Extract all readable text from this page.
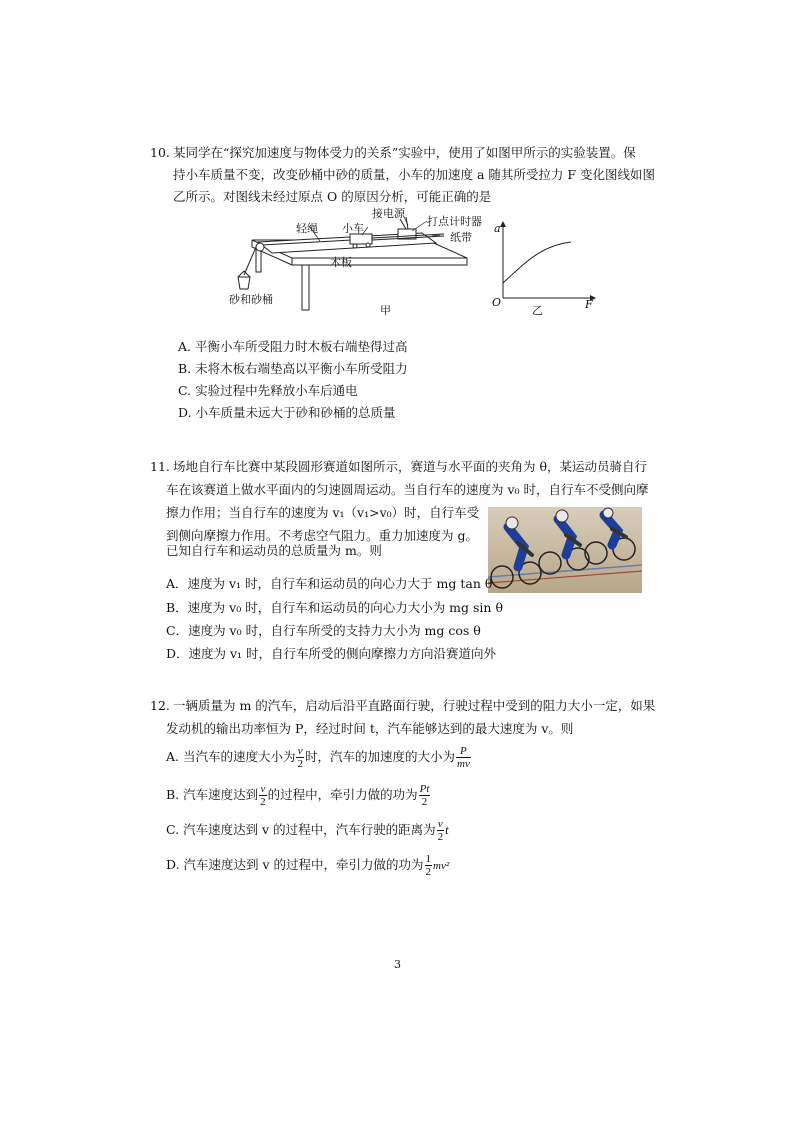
10. 某同学在“探究加速度与物体受力的关系”实验中，使用了如图甲所示的实验装置。保
持小车质量不变，改变砂桶中砂的质量，小车的加速度 a 随其所受拉力 F 变化图线如图
乙所示。对图线未经过原点 O 的原因分析，可能正确的是
接电源
打点计时器
轻绳 小车
纸带
木板
砂和砂桶
甲
a
O
乙	F
A. 平衡小车所受阻力时木板右端垫得过高
B. 未将木板右端垫高以平衡小车所受阻力
C. 实验过程中先释放小车后通电
D. 小车质量未远大于砂和砂桶的总质量
11. 场地自行车比赛中某段圆形赛道如图所示，赛道与水平面的夹角为 θ，某运动员骑自行
车在该赛道上做水平面内的匀速圆周运动。当自行车的速度为 v₀ 时，自行车不受侧向摩
擦力作用；当自行车的速度为 v₁（v₁>v₀）时，自行车受
到侧向摩擦力作用。不考虑空气阻力。重力加速度为 g。
已知自行车和运动员的总质量为 m。则
A．速度为 v₁ 时，自行车和运动员的向心力大于 mg tan θ
B．速度为 v₀ 时，自行车和运动员的向心力大小为 mg sin θ
C．速度为 v₀ 时，自行车所受的支持力大小为 mg cos θ
D．速度为 v₁ 时，自行车所受的侧向摩擦力方向沿赛道向外
12. 一辆质量为 m 的汽车，启动后沿平直路面行驶，行驶过程中受到的阻力大小一定，如果
发动机的输出功率恒为 P，经过时间 t，汽车能够达到的最大速度为 v。则
A. 当汽车的速度大小为 $\frac{v}{2}$ 时，汽车的加速度的大小为 $\frac{P}{mv}$
B. 汽车速度达到 $\frac{v}{2}$ 的过程中，牵引力做的功为 $\frac{Pt}{2}$
C. 汽车速度达到 v 的过程中，汽车行驶的距离为 $\frac{v}{2}$ t
D. 汽车速度达到 v 的过程中，牵引力做的功为 $\frac{1}{2} mv^2$
3
